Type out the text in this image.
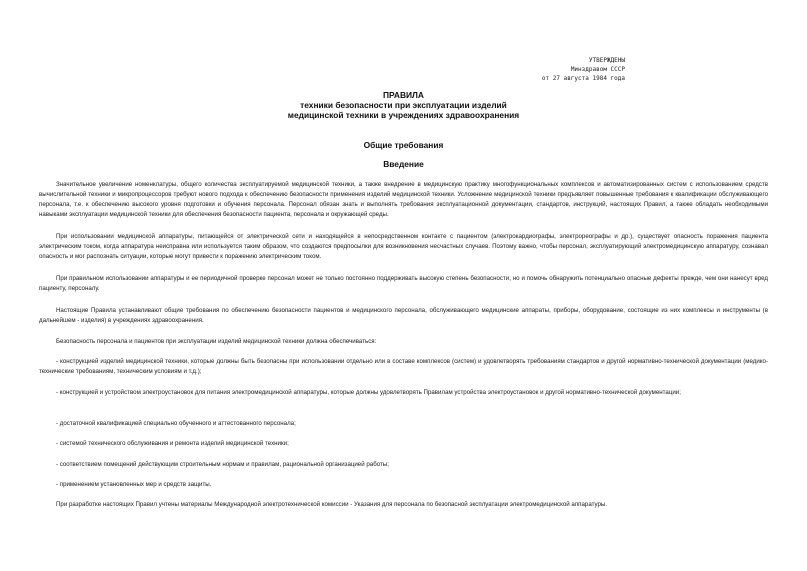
УТВЕРЖДЕНЫ
Минздравом СССР
от 27 августа 1984 года
ПРАВИЛА
техники безопасности при эксплуатации изделий
медицинской техники в учреждениях здравоохранения
Общие требования
Введение

Значительное увеличение номенклатуры, общего количества эксплуатируемой медицинской техники, а также внедрение в медицинскую практику многофункциональных комплексов и автоматизированных систем с использованием средств вычислительной техники и микропроцессоров требуют нового подхода к обеспечению безопасности применения изделий медицинской техники. Усложнение медицинской техники предъявляет повышенные требования к квалификации обслуживающего персонала, т.е. к обеспечению высокого уровня подготовки и обучения персонала. Персонал обязан знать и выполнять требования эксплуатационной документации, стандартов, инструкций, настоящих Правил, а также обладать необходимыми навыками эксплуатации медицинской техники для обеспечения безопасности пациента, персонала и окружающей среды.

При использовании медицинской аппаратуры, питающейся от электрической сети и находящейся в непосредственном контакте с пациентом (электрокардиографы, электрореографы и др.), существует опасность поражения пациента электрическим током, когда аппаратура неисправна или используется таким образом, что создаются предпосылки для возникновения несчастных случаев. Поэтому важно, чтобы персонал, эксплуатирующий электромедицинскую аппаратуру, сознавал опасность и мог распознать ситуации, которые могут привести к поражению электрическим током.

При правильном использовании аппаратуры и ее периодичной проверке персонал может не только постоянно поддерживать высокую степень безопасности, но и помочь обнаружить потенциально опасные дефекты прежде, чем они нанесут вред пациенту, персоналу.

Настоящие Правила устанавливают общие требования по обеспечению безопасности пациентов и медицинского персонала, обслуживающего медицинские аппараты, приборы, оборудование, состоящие из них комплексы и инструменты (в дальнейшем - изделия) в учреждениях здравоохранения.

Безопасность персонала и пациентов при эксплуатации изделий медицинской техники должна обеспечиваться:

- конструкцией изделий медицинской техники, которые должны быть безопасны при использовании отдельно или в составе комплексов (систем) и удовлетворять требованиям стандартов и другой нормативно-технической документации (медико-технические требованиям, техническим условиям и т.д.);

- конструкцией и устройством электроустановок для питания электромедицинской аппаратуры, которые должны удовлетворять Правилам устройства электроустановок и другой нормативно-технической документации;

- достаточной квалификацией специально обученного и аттестованного персонала;

- системой технического обслуживания и ремонта изделий медицинской техники;

- соответствием помещений действующим строительным нормам и правилам, рациональной организацией работы;

- применением установленных мер и средств защиты.

При разработке настоящих Правил учтены материалы Международной электротехнической комиссии - Указания для персонала по безопасной эксплуатации электромедицинской аппаратуры.
